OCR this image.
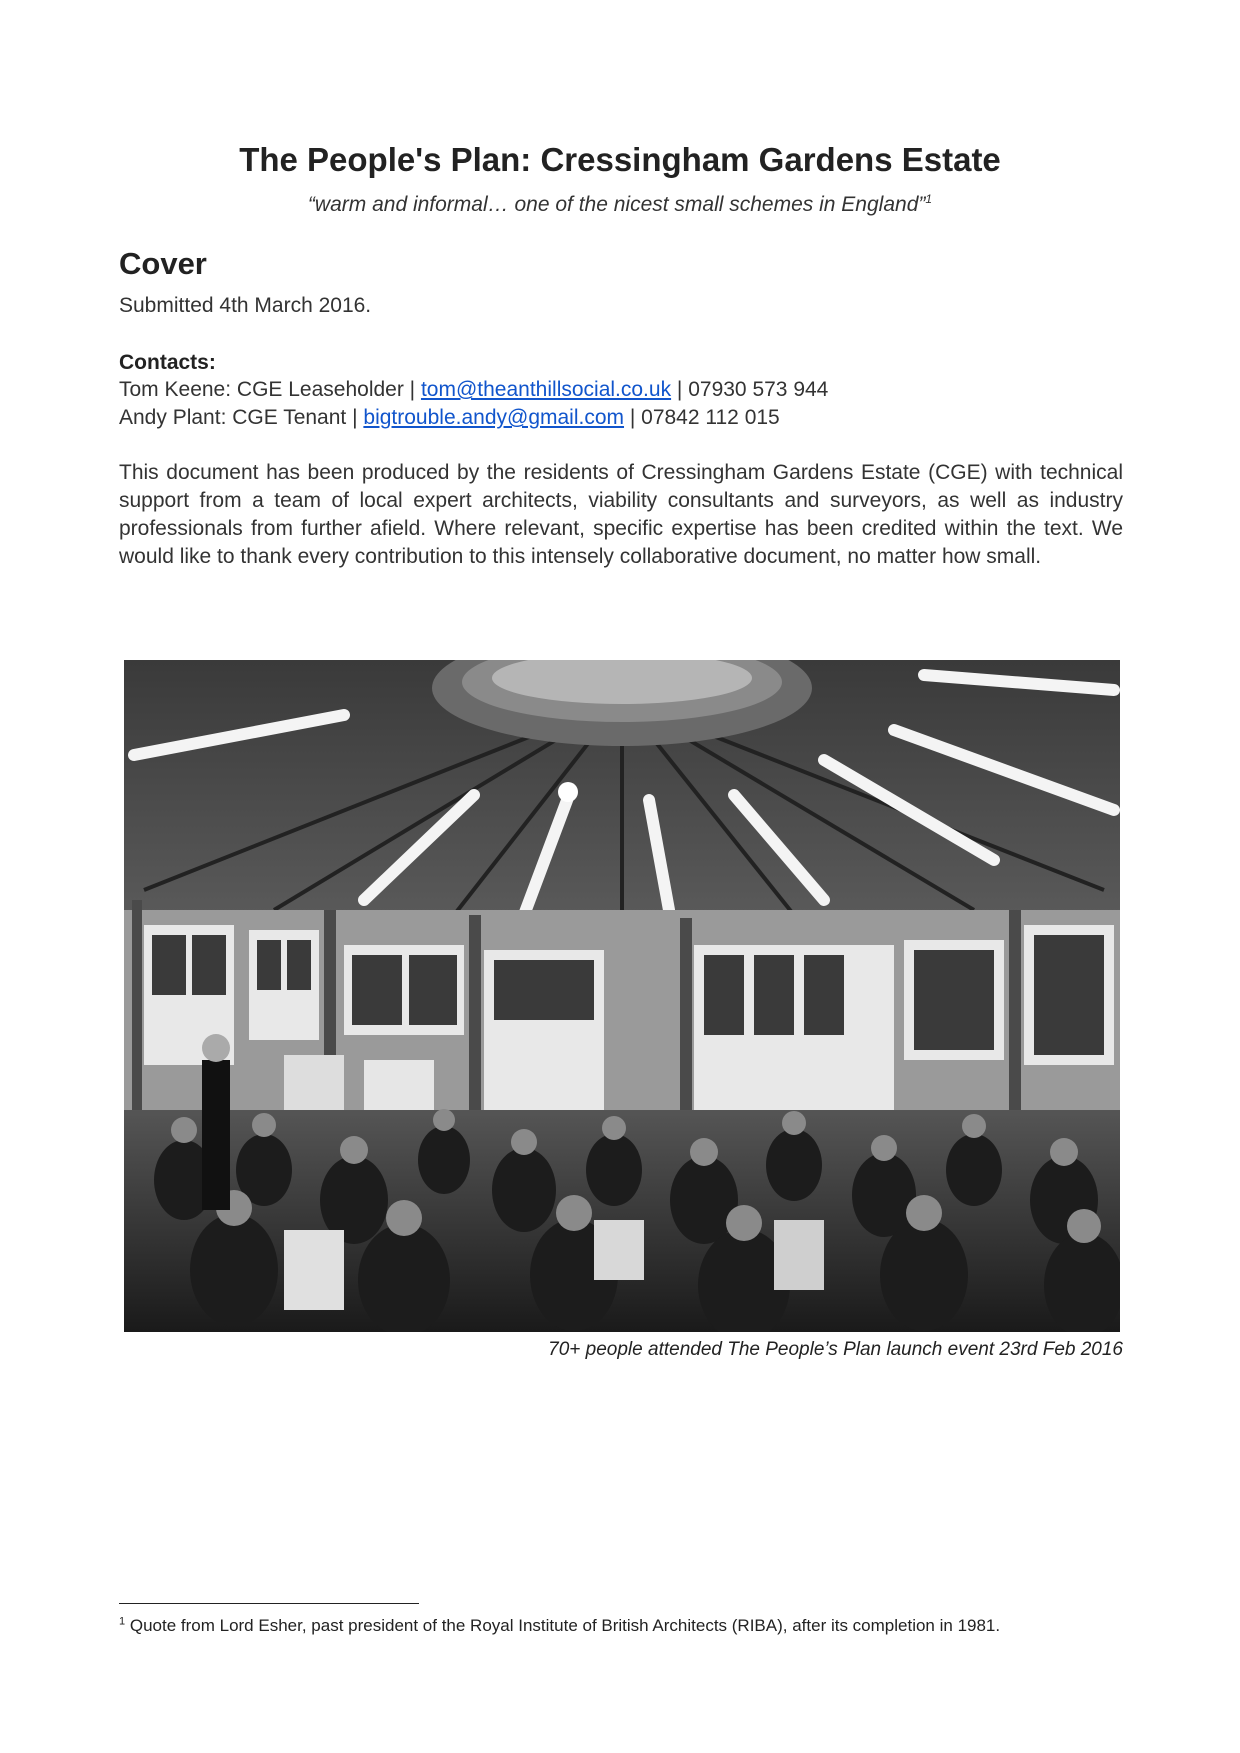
The People's Plan: Cressingham Gardens Estate
“warm and informal… one of the nicest small schemes in England”$^1$
Cover
Submitted 4th March 2016.
Contacts:
Tom Keene: CGE Leaseholder | tom@theanthillsocial.co.uk | 07930 573 944
Andy Plant: CGE Tenant | bigtrouble.andy@gmail.com | 07842 112 015

This document has been produced by the residents of Cressingham Gardens Estate (CGE) with technical support from a team of local expert architects, viability consultants and surveyors, as well as industry professionals from further afield. Where relevant, specific expertise has been credited within the text. We would like to thank every contribution to this intensely collaborative document, no matter how small.

70+ people attended The People’s Plan launch event 23rd Feb 2016
$^1$ Quote from Lord Esher, past president of the Royal Institute of British Architects (RIBA), after its completion in 1981.
